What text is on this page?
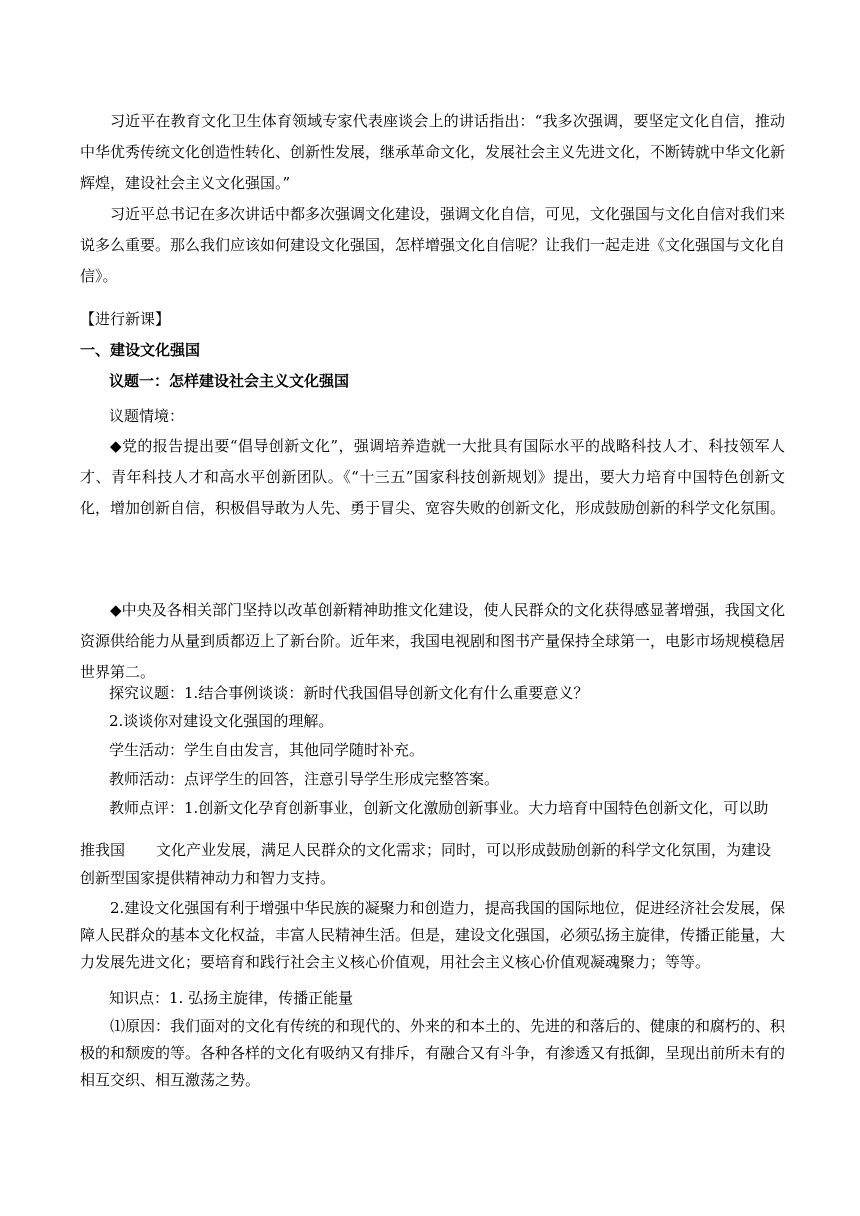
习近平在教育文化卫生体育领域专家代表座谈会上的讲话指出：“我多次强调，要坚定文化自信，推动中华优秀传统文化创造性转化、创新性发展，继承革命文化，发展社会主义先进文化，不断铸就中华文化新辉煌，建设社会主义文化强国。”

习近平总书记在多次讲话中都多次强调文化建设，强调文化自信，可见，文化强国与文化自信对我们来说多么重要。那么我们应该如何建设文化强国，怎样增强文化自信呢？让我们一起走进《文化强国与文化自信》。

【进行新课】

一、建设文化强国

议题一：怎样建设社会主义文化强国

议题情境：

◆党的报告提出要“倡导创新文化”，强调培养造就一大批具有国际水平的战略科技人才、科技领军人才、青年科技人才和高水平创新团队。《“十三五”国家科技创新规划》提出，要大力培育中国特色创新文化，增加创新自信，积极倡导敢为人先、勇于冒尖、宽容失败的创新文化，形成鼓励创新的科学文化氛围。

◆中央及各相关部门坚持以改革创新精神助推文化建设，使人民群众的文化获得感显著增强，我国文化资源供给能力从量到质都迈上了新台阶。近年来，我国电视剧和图书产量保持全球第一，电影市场规模稳居世界第二。

探究议题：1.结合事例谈谈：新时代我国倡导创新文化有什么重要意义？

2.谈谈你对建设文化强国的理解。

学生活动：学生自由发言，其他同学随时补充。

教师活动：点评学生的回答，注意引导学生形成完整答案。

教师点评：1.创新文化孕育创新事业，创新文化激励创新事业。大力培育中国特色创新文化，可以助

推我国 文化产业发展，满足人民群众的文化需求；同时，可以形成鼓励创新的科学文化氛围，为建设

创新型国家提供精神动力和智力支持。

2.建设文化强国有利于增强中华民族的凝聚力和创造力，提高我国的国际地位，促进经济社会发展，保障人民群众的基本文化权益，丰富人民精神生活。但是，建设文化强国，必须弘扬主旋律，传播正能量，大力发展先进文化；要培育和践行社会主义核心价值观，用社会主义核心价值观凝魂聚力；等等。

知识点：1. 弘扬主旋律，传播正能量

⑴原因：我们面对的文化有传统的和现代的、外来的和本土的、先进的和落后的、健康的和腐朽的、积极的和颓废的等。各种各样的文化有吸纳又有排斥，有融合又有斗争，有渗透又有抵御，呈现出前所未有的相互交织、相互激荡之势。
